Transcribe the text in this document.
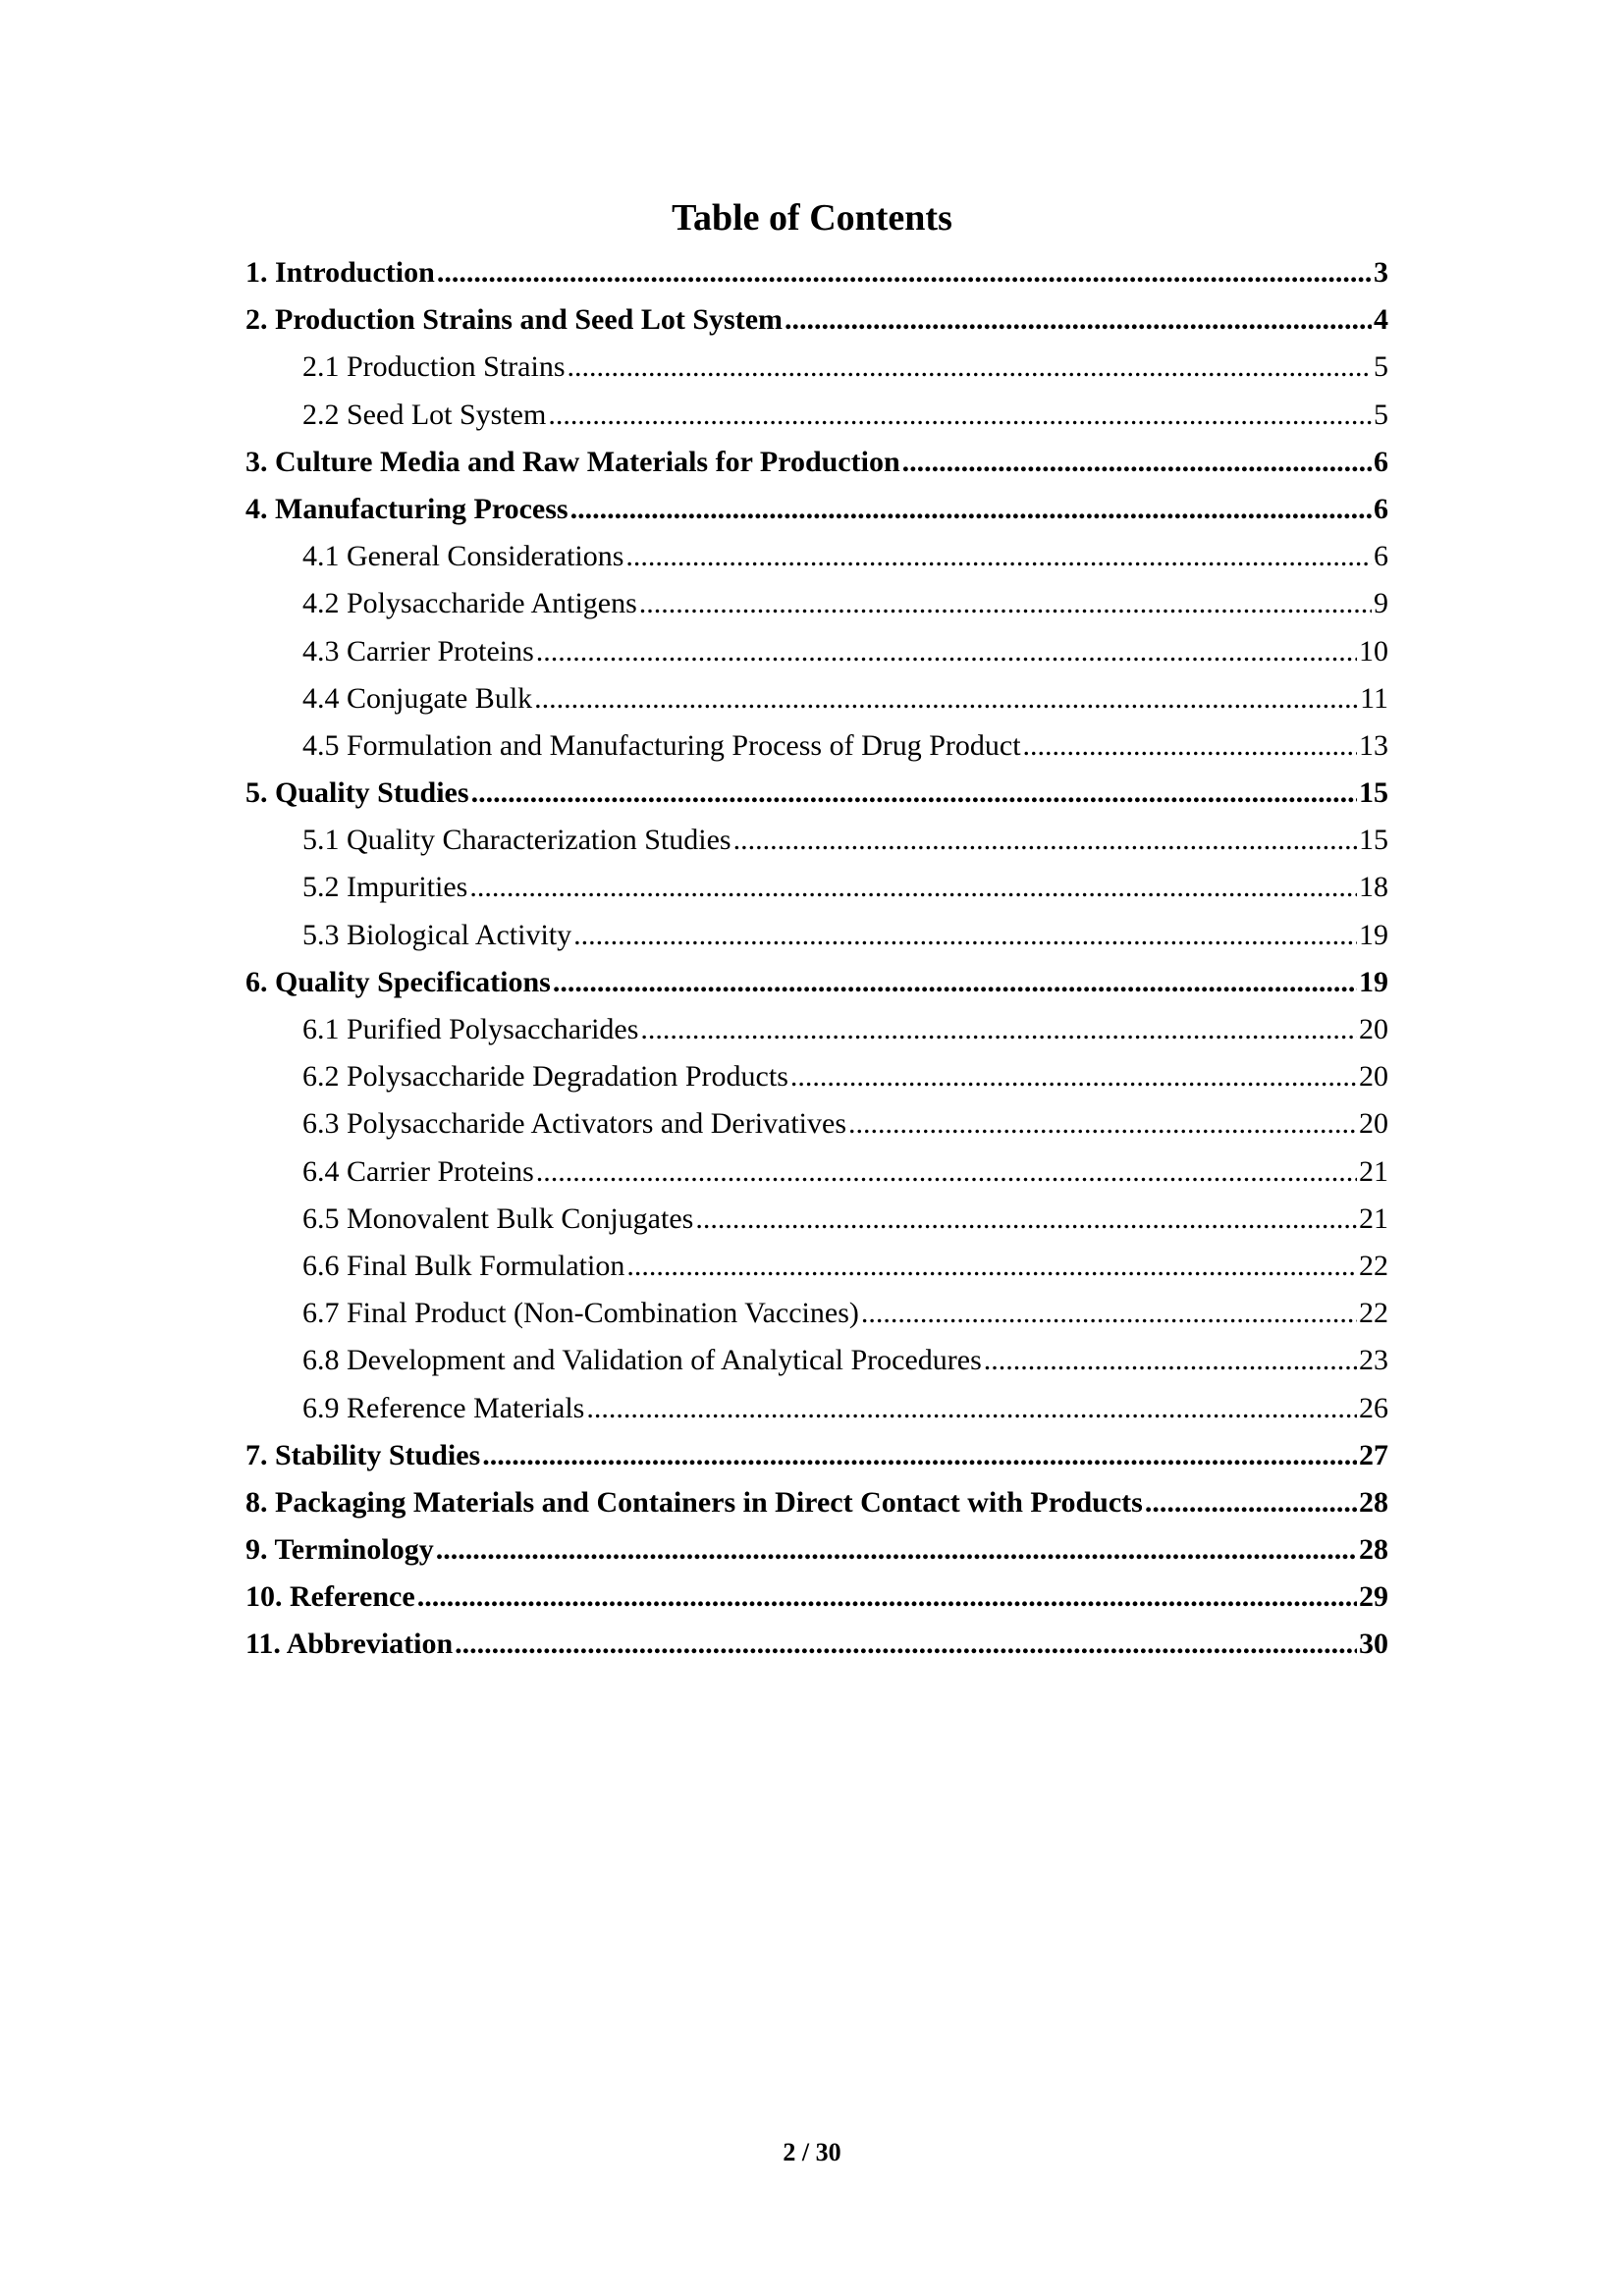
Table of Contents
1. Introduction .....	3
2. Production Strains and Seed Lot System .....	4
2.1 Production Strains .....	5
2.2 Seed Lot System .....	5
3. Culture Media and Raw Materials for Production .....	6
4. Manufacturing Process .....	6
4.1 General Considerations .....	6
4.2 Polysaccharide Antigens .....	9
4.3 Carrier Proteins .....	10
4.4 Conjugate Bulk .....	11
4.5 Formulation and Manufacturing Process of Drug Product .....	13
5. Quality Studies .....	15
5.1 Quality Characterization Studies .....	15
5.2 Impurities .....	18
5.3 Biological Activity .....	19
6. Quality Specifications .....	19
6.1 Purified Polysaccharides .....	20
6.2 Polysaccharide Degradation Products .....	20
6.3 Polysaccharide Activators and Derivatives .....	20
6.4 Carrier Proteins .....	21
6.5 Monovalent Bulk Conjugates .....	21
6.6 Final Bulk Formulation .....	22
6.7 Final Product (Non-Combination Vaccines) .....	22
6.8 Development and Validation of Analytical Procedures .....	23
6.9 Reference Materials .....	26
7. Stability Studies .....	27
8. Packaging Materials and Containers in Direct Contact with Products .....	28
9. Terminology .....	28
10. Reference .....	29
11. Abbreviation .....	30
2 / 30
